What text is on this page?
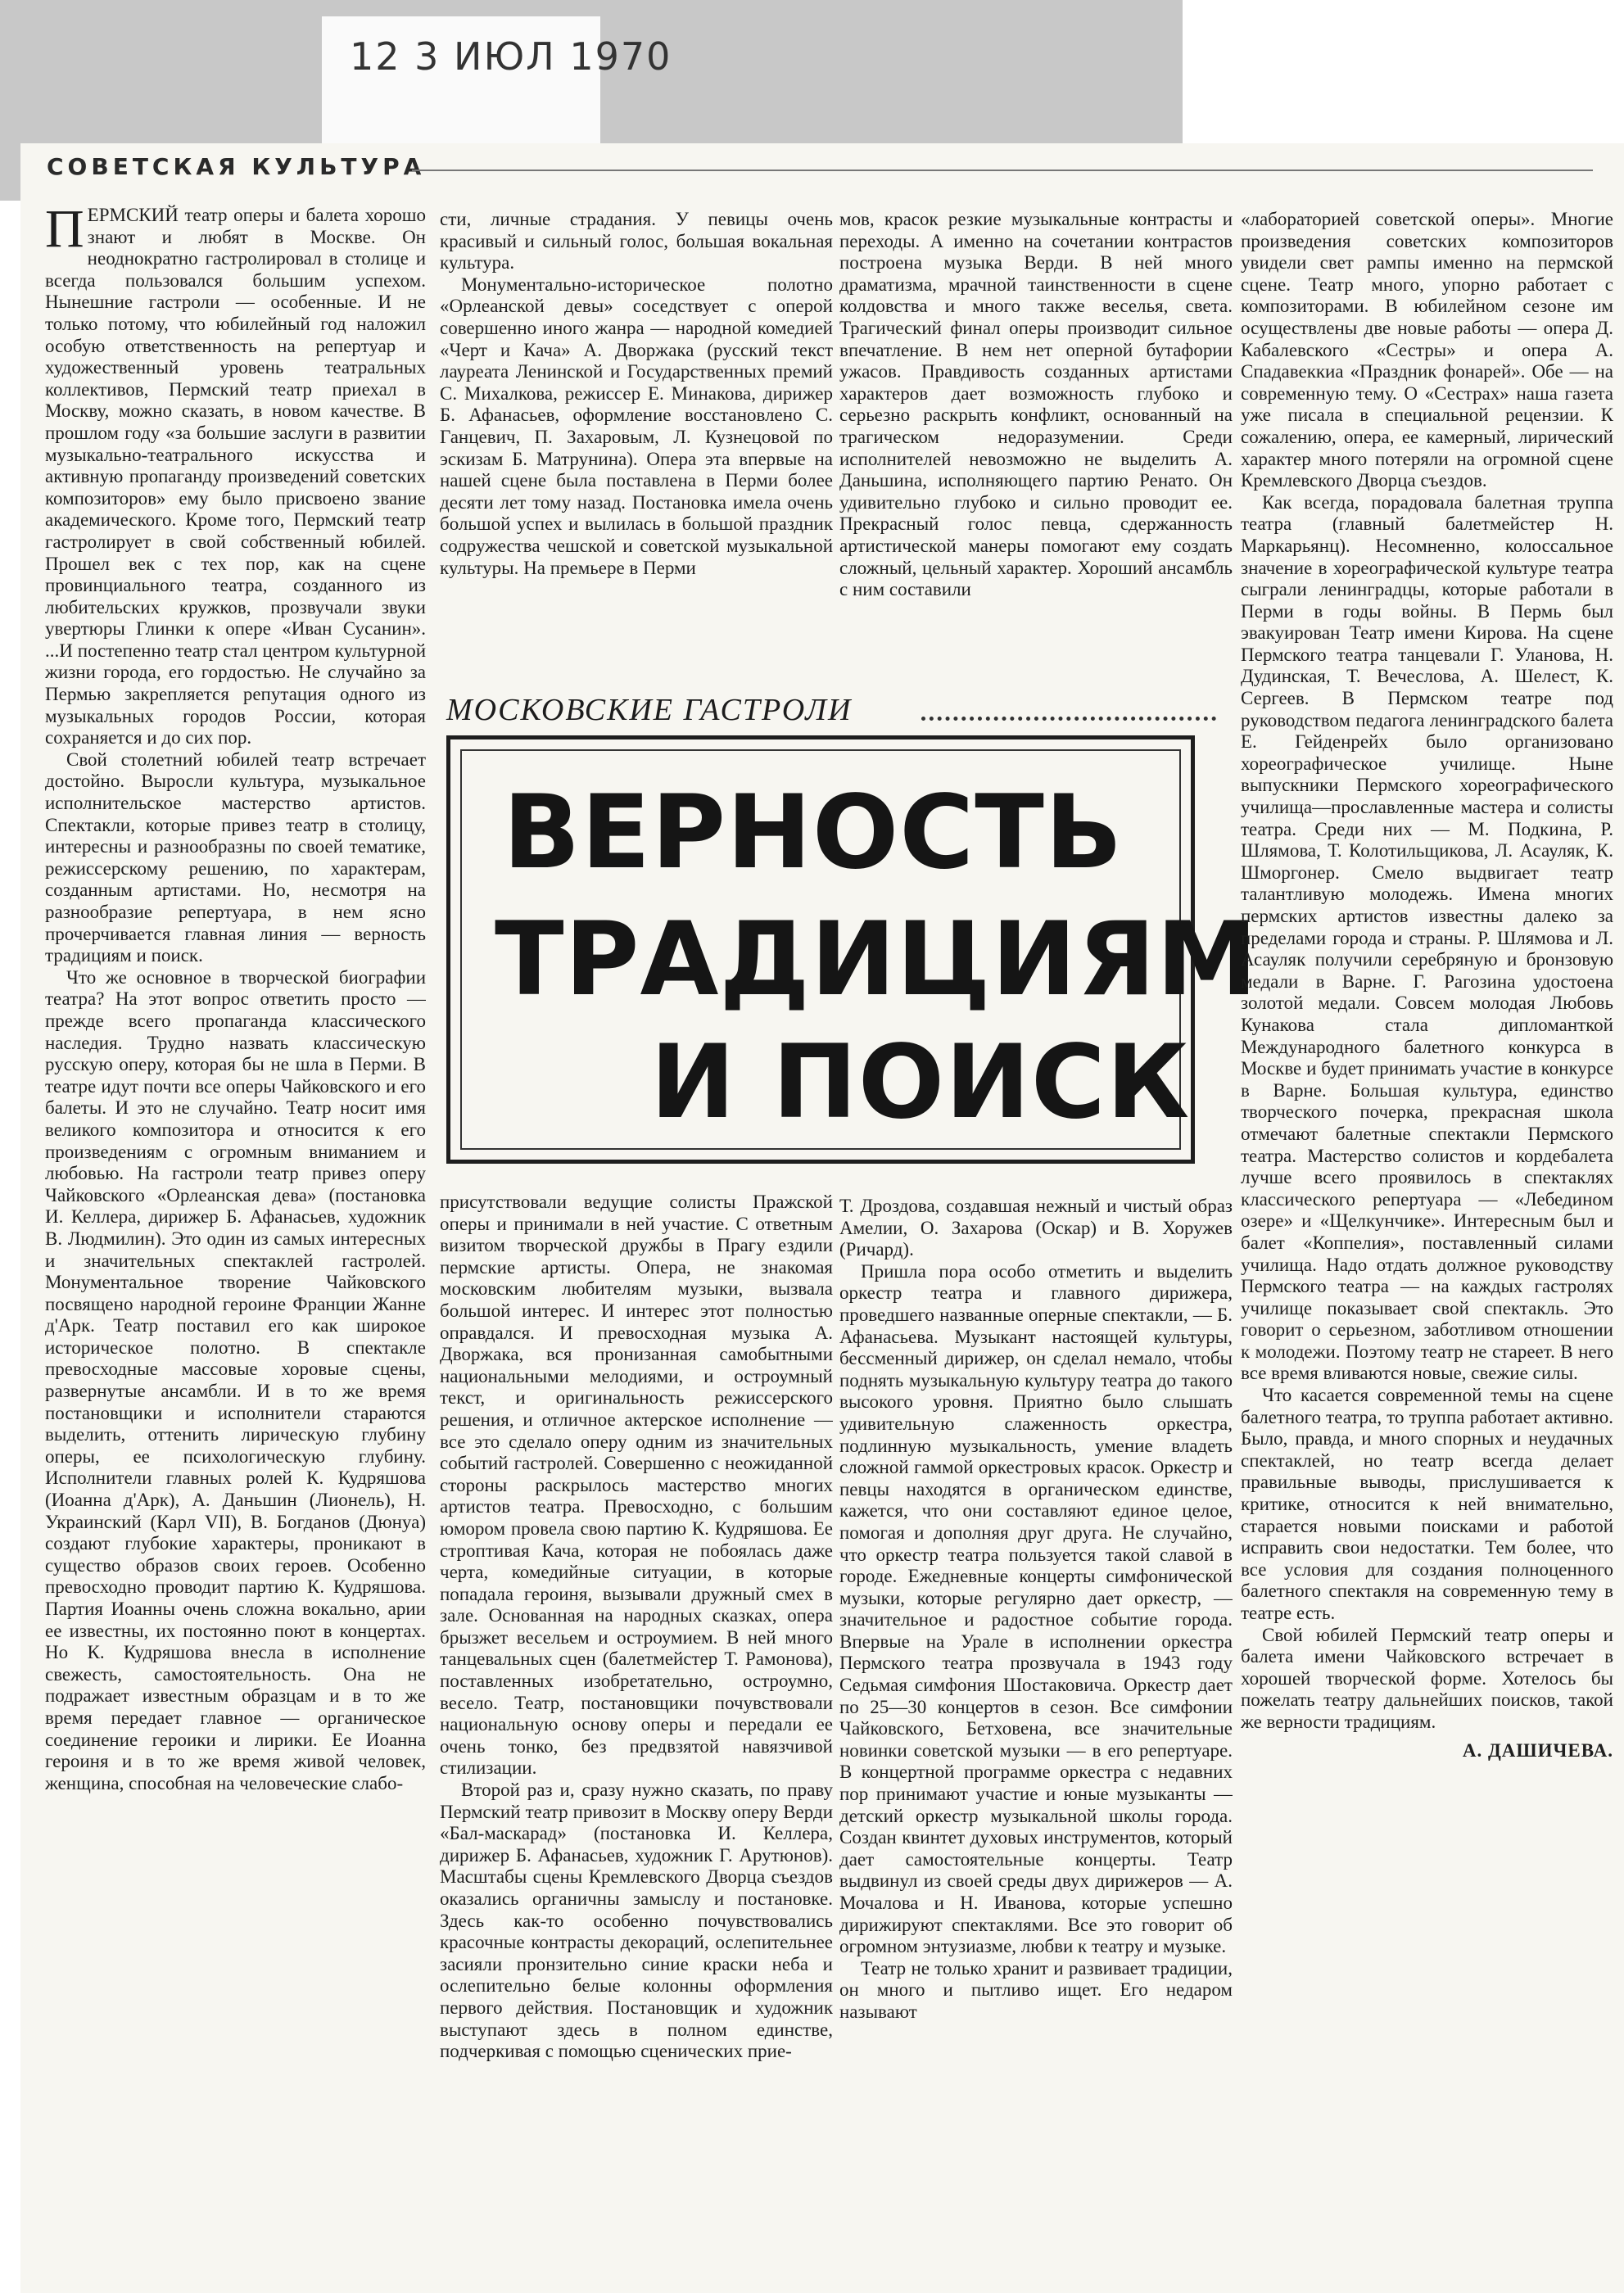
12 3 ИЮЛ 1970
СОВЕТСКАЯ КУЛЬТУРА

ПЕРМСКИЙ театр оперы и балета хорошо знают и любят в Москве. Он неоднократно гастролировал в столице и всегда пользовался большим успехом. Нынешние гастроли — особенные. И не только потому, что юбилейный год наложил особую ответственность на репертуар и художественный уровень театральных коллективов, Пермский театр приехал в Москву, можно сказать, в новом качестве. В прошлом году «за большие заслуги в развитии музыкально-театрального искусства и активную пропаганду произведений советских композиторов» ему было присвоено звание академического. Кроме того, Пермский театр гастролирует в свой собственный юбилей. Прошел век с тех пор, как на сцене провинциального театра, созданного из любительских кружков, прозвучали звуки увертюры Глинки к опере «Иван Сусанин». ...И постепенно театр стал центром культурной жизни города, его гордостью. Не случайно за Пермью закрепляется репутация одного из музыкальных городов России, которая сохраняется и до сих пор.

Свой столетний юбилей театр встречает достойно. Выросли культура, музыкальное исполнительское мастерство артистов. Спектакли, которые привез театр в столицу, интересны и разнообразны по своей тематике, режиссерскому решению, по характерам, созданным артистами. Но, несмотря на разнообразие репертуара, в нем ясно прочерчивается главная линия — верность традициям и поиск.

Что же основное в творческой биографии театра? На этот вопрос ответить просто — прежде всего пропаганда классического наследия. Трудно назвать классическую русскую оперу, которая бы не шла в Перми. В театре идут почти все оперы Чайковского и его балеты. И это не случайно. Театр носит имя великого композитора и относится к его произведениям с огромным вниманием и любовью. На гастроли театр привез оперу Чайковского «Орлеанская дева» (постановка И. Келлера, дирижер Б. Афанасьев, художник В. Людмилин). Это один из самых интересных и значительных спектаклей гастролей. Монументальное творение Чайковского посвящено народной героине Франции Жанне д'Арк. Театр поставил его как широкое историческое полотно. В спектакле превосходные массовые хоровые сцены, развернутые ансамбли. И в то же время постановщики и исполнители стараются выделить, оттенить лирическую глубину оперы, ее психологическую глубину. Исполнители главных ролей К. Кудряшова (Иоанна д'Арк), А. Даньшин (Лионель), Н. Украинский (Карл VII), В. Богданов (Дюнуа) создают глубокие характеры, проникают в существо образов своих героев. Особенно превосходно проводит партию К. Кудряшова. Партия Иоанны очень сложна вокально, арии ее известны, их постоянно поют в концертах. Но К. Кудряшова внесла в исполнение свежесть, самостоятельность. Она не подражает известным образцам и в то же время передает главное — органическое соединение героики и лирики. Ее Иоанна героиня и в то же время живой человек, женщина, способная на человеческие слабо-

сти, личные страдания. У певицы очень красивый и сильный голос, большая вокальная культура.

Монументально-историческое полотно «Орлеанской девы» соседствует с оперой совершенно иного жанра — народной комедией «Черт и Кача» А. Дворжака (русский текст лауреата Ленинской и Государственных премий С. Михалкова, режиссер Е. Минакова, дирижер Б. Афанасьев, оформление восстановлено С. Ганцевич, П. Захаровым, Л. Кузнецовой по эскизам Б. Матрунина). Опера эта впервые на нашей сцене была поставлена в Перми более десяти лет тому назад. Постановка имела очень большой успех и вылилась в большой праздник содружества чешской и советской музыкальной культуры. На премьере в Перми

мов, красок резкие музыкальные контрасты и переходы. А именно на сочетании контрастов построена музыка Верди. В ней много драматизма, мрачной таинственности в сцене колдовства и много также веселья, света. Трагический финал оперы производит сильное впечатление. В нем нет оперной бутафории ужасов. Правдивость созданных артистами характеров дает возможность глубоко и серьезно раскрыть конфликт, основанный на трагическом недоразумении. Среди исполнителей невозможно не выделить А. Даньшина, исполняющего партию Ренато. Он удивительно глубоко и сильно проводит ее. Прекрасный голос певца, сдержанность артистической манеры помогают ему создать сложный, цельный характер. Хороший ансамбль с ним составили

МОСКОВСКИЕ ГАСТРОЛИ
ВЕРНОСТЬ
ТРАДИЦИЯМ
И ПОИСК

присутствовали ведущие солисты Пражской оперы и принимали в ней участие. С ответным визитом творческой дружбы в Прагу ездили пермские артисты. Опера, не знакомая московским любителям музыки, вызвала большой интерес. И интерес этот полностью оправдался. И превосходная музыка А. Дворжака, вся пронизанная самобытными национальными мелодиями, и остроумный текст, и оригинальность режиссерского решения, и отличное актерское исполнение — все это сделало оперу одним из значительных событий гастролей. Совершенно с неожиданной стороны раскрылось мастерство многих артистов театра. Превосходно, с большим юмором провела свою партию К. Кудряшова. Ее строптивая Кача, которая не побоялась даже черта, комедийные ситуации, в которые попадала героиня, вызывали дружный смех в зале. Основанная на народных сказках, опера брызжет весельем и остроумием. В ней много танцевальных сцен (балетмейстер Т. Рамонова), поставленных изобретательно, остроумно, весело. Театр, постановщики почувствовали национальную основу оперы и передали ее очень тонко, без предвзятой навязчивой стилизации.

Второй раз и, сразу нужно сказать, по праву Пермский театр привозит в Москву оперу Верди «Бал-маскарад» (постановка И. Келлера, дирижер Б. Афанасьев, художник Г. Арутюнов). Масштабы сцены Кремлевского Дворца съездов оказались органичны замыслу и постановке. Здесь как-то особенно почувствовались красочные контрасты декораций, ослепительнее засияли пронзительно синие краски неба и ослепительно белые колонны оформления первого действия. Постановщик и художник выступают здесь в полном единстве, подчеркивая с помощью сценических прие-

Т. Дроздова, создавшая нежный и чистый образ Амелии, О. Захарова (Оскар) и В. Хоружев (Ричард).

Пришла пора особо отметить и выделить оркестр театра и главного дирижера, проведшего названные оперные спектакли, — Б. Афанасьева. Музыкант настоящей культуры, бессменный дирижер, он сделал немало, чтобы поднять музыкальную культуру театра до такого высокого уровня. Приятно было слышать удивительную слаженность оркестра, подлинную музыкальность, умение владеть сложной гаммой оркестровых красок. Оркестр и певцы находятся в органическом единстве, кажется, что они составляют единое целое, помогая и дополняя друг друга. Не случайно, что оркестр театра пользуется такой славой в городе. Ежедневные концерты симфонической музыки, которые регулярно дает оркестр, — значительное и радостное событие города. Впервые на Урале в исполнении оркестра Пермского театра прозвучала в 1943 году Седьмая симфония Шостаковича. Оркестр дает по 25—30 концертов в сезон. Все симфонии Чайковского, Бетховена, все значительные новинки советской музыки — в его репертуаре. В концертной программе оркестра с недавних пор принимают участие и юные музыканты — детский оркестр музыкальной школы города. Создан квинтет духовых инструментов, который дает самостоятельные концерты. Театр выдвинул из своей среды двух дирижеров — А. Мочалова и Н. Иванова, которые успешно дирижируют спектаклями. Все это говорит об огромном энтузиазме, любви к театру и музыке.

Театр не только хранит и развивает традиции, он много и пытливо ищет. Его недаром называют

«лабораторией советской оперы». Многие произведения советских композиторов увидели свет рампы именно на пермской сцене. Театр много, упорно работает с композиторами. В юбилейном сезоне им осуществлены две новые работы — опера Д. Кабалевского «Сестры» и опера А. Спадавеккиа «Праздник фонарей». Обе — на современную тему. О «Сестрах» наша газета уже писала в специальной рецензии. К сожалению, опера, ее камерный, лирический характер много потеряли на огромной сцене Кремлевского Дворца съездов.

Как всегда, порадовала балетная труппа театра (главный балетмейстер Н. Маркарьянц). Несомненно, колоссальное значение в хореографической культуре театра сыграли ленинградцы, которые работали в Перми в годы войны. В Пермь был эвакуирован Театр имени Кирова. На сцене Пермского театра танцевали Г. Уланова, Н. Дудинская, Т. Вечеслова, А. Шелест, К. Сергеев. В Пермском театре под руководством педагога ленинградского балета Е. Гейденрейх было организовано хореографическое училище. Ныне выпускники Пермского хореографического училища—прославленные мастера и солисты театра. Среди них — М. Подкина, Р. Шлямова, Т. Колотильщикова, Л. Асауляк, К. Шморгонер. Смело выдвигает театр талантливую молодежь. Имена многих пермских артистов известны далеко за пределами города и страны. Р. Шлямова и Л. Асауляк получили серебряную и бронзовую медали в Варне. Г. Рагозина удостоена золотой медали. Совсем молодая Любовь Кунакова стала дипломанткой Международного балетного конкурса в Москве и будет принимать участие в конкурсе в Варне. Большая культура, единство творческого почерка, прекрасная школа отмечают балетные спектакли Пермского театра. Мастерство солистов и кордебалета лучше всего проявилось в спектаклях классического репертуара — «Лебедином озере» и «Щелкунчике». Интересным был и балет «Коппелия», поставленный силами училища. Надо отдать должное руководству Пермского театра — на каждых гастролях училище показывает свой спектакль. Это говорит о серьезном, заботливом отношении к молодежи. Поэтому театр не стареет. В него все время вливаются новые, свежие силы.

Что касается современной темы на сцене балетного театра, то труппа работает активно. Было, правда, и много спорных и неудачных спектаклей, но театр всегда делает правильные выводы, прислушивается к критике, относится к ней внимательно, старается новыми поисками и работой исправить свои недостатки. Тем более, что все условия для создания полноценного балетного спектакля на современную тему в театре есть.

Свой юбилей Пермский театр оперы и балета имени Чайковского встречает в хорошей творческой форме. Хотелось бы пожелать театру дальнейших поисков, такой же верности традициям.

А. ДАШИЧЕВА.
